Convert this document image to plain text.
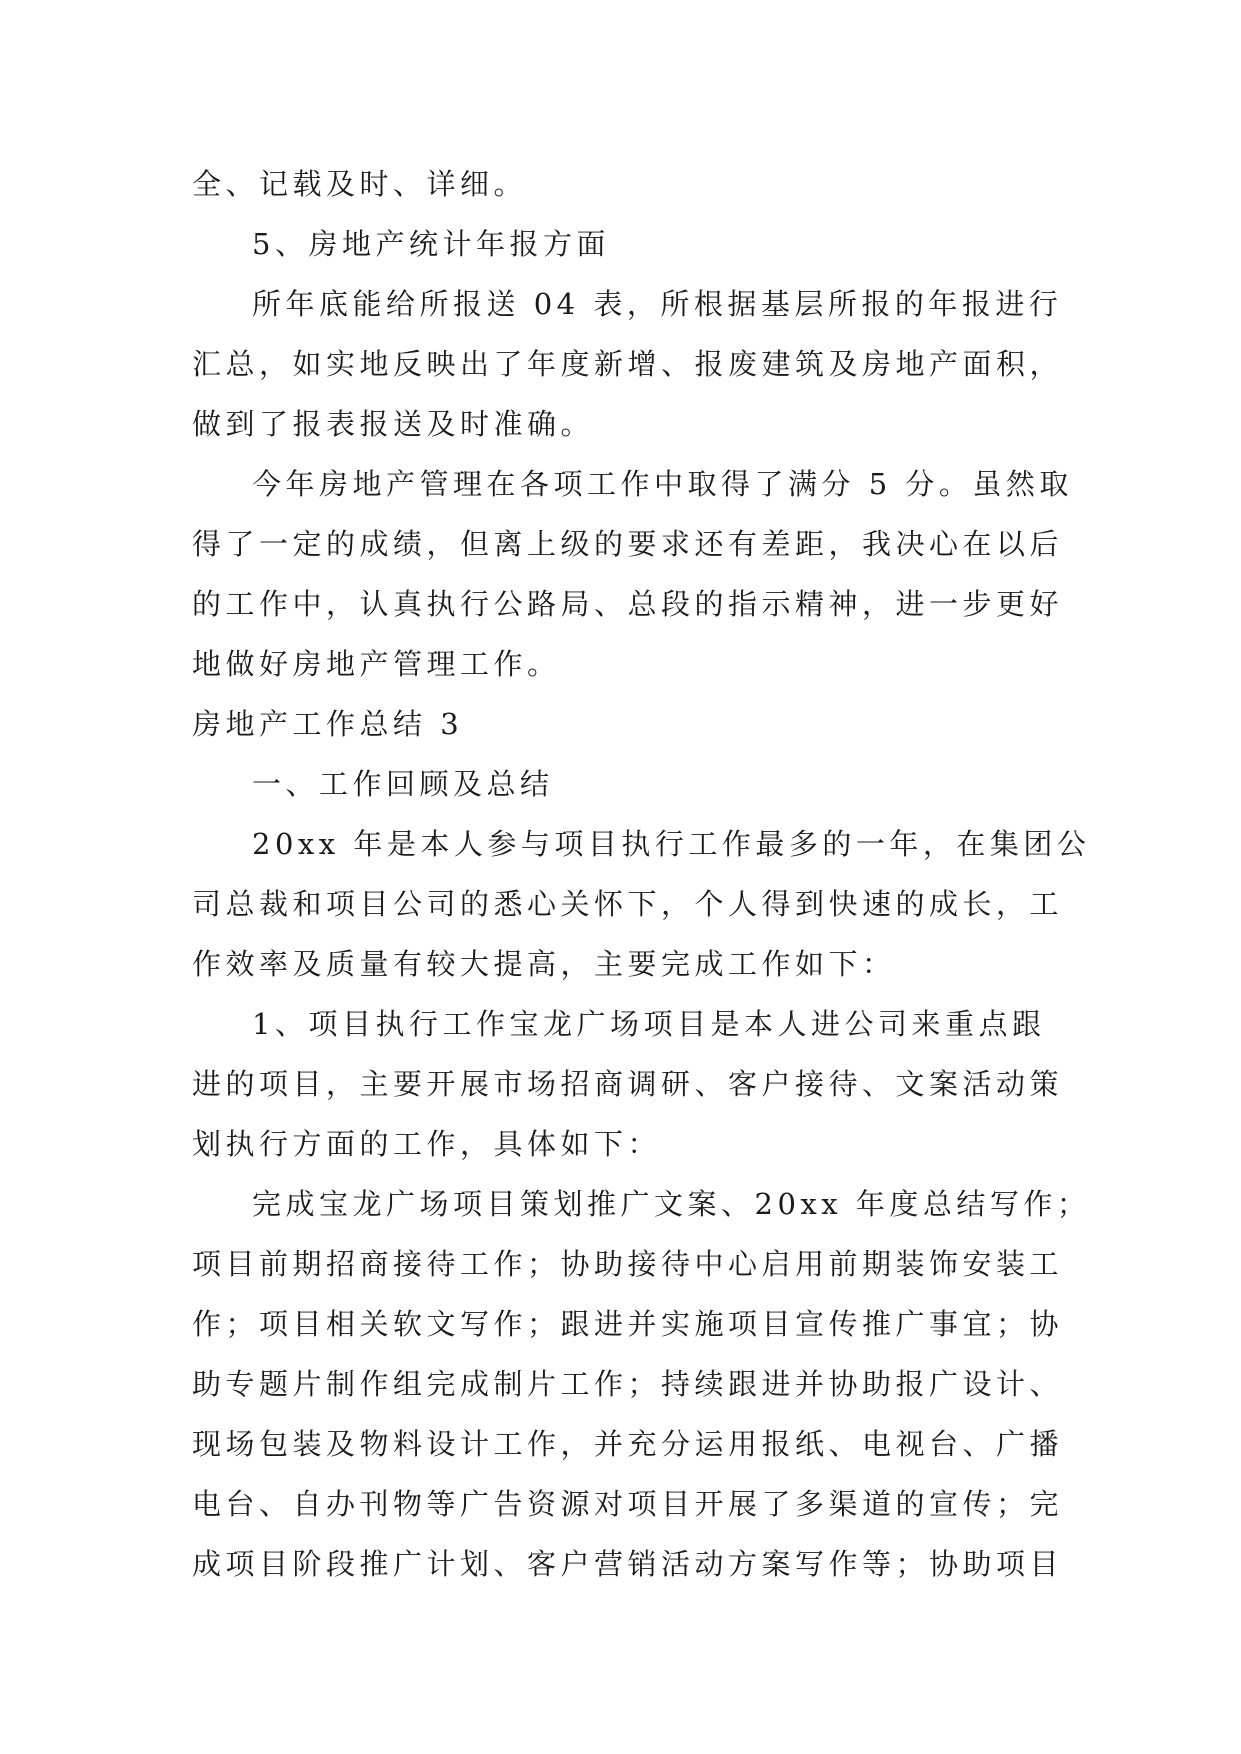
全、记载及时、详细。
5、房地产统计年报方面
所年底能给所报送 04 表，所根据基层所报的年报进行
汇总，如实地反映出了年度新增、报废建筑及房地产面积，
做到了报表报送及时准确。
今年房地产管理在各项工作中取得了满分 5 分。虽然取
得了一定的成绩，但离上级的要求还有差距，我决心在以后
的工作中，认真执行公路局、总段的指示精神，进一步更好
地做好房地产管理工作。
房地产工作总结 3
一、工作回顾及总结
20xx 年是本人参与项目执行工作最多的一年，在集团公
司总裁和项目公司的悉心关怀下，个人得到快速的成长，工
作效率及质量有较大提高，主要完成工作如下：
1、项目执行工作宝龙广场项目是本人进公司来重点跟
进的项目，主要开展市场招商调研、客户接待、文案活动策
划执行方面的工作，具体如下：
完成宝龙广场项目策划推广文案、20xx 年度总结写作；
项目前期招商接待工作；协助接待中心启用前期装饰安装工
作；项目相关软文写作；跟进并实施项目宣传推广事宜；协
助专题片制作组完成制片工作；持续跟进并协助报广设计、
现场包装及物料设计工作，并充分运用报纸、电视台、广播
电台、自办刊物等广告资源对项目开展了多渠道的宣传；完
成项目阶段推广计划、客户营销活动方案写作等；协助项目
